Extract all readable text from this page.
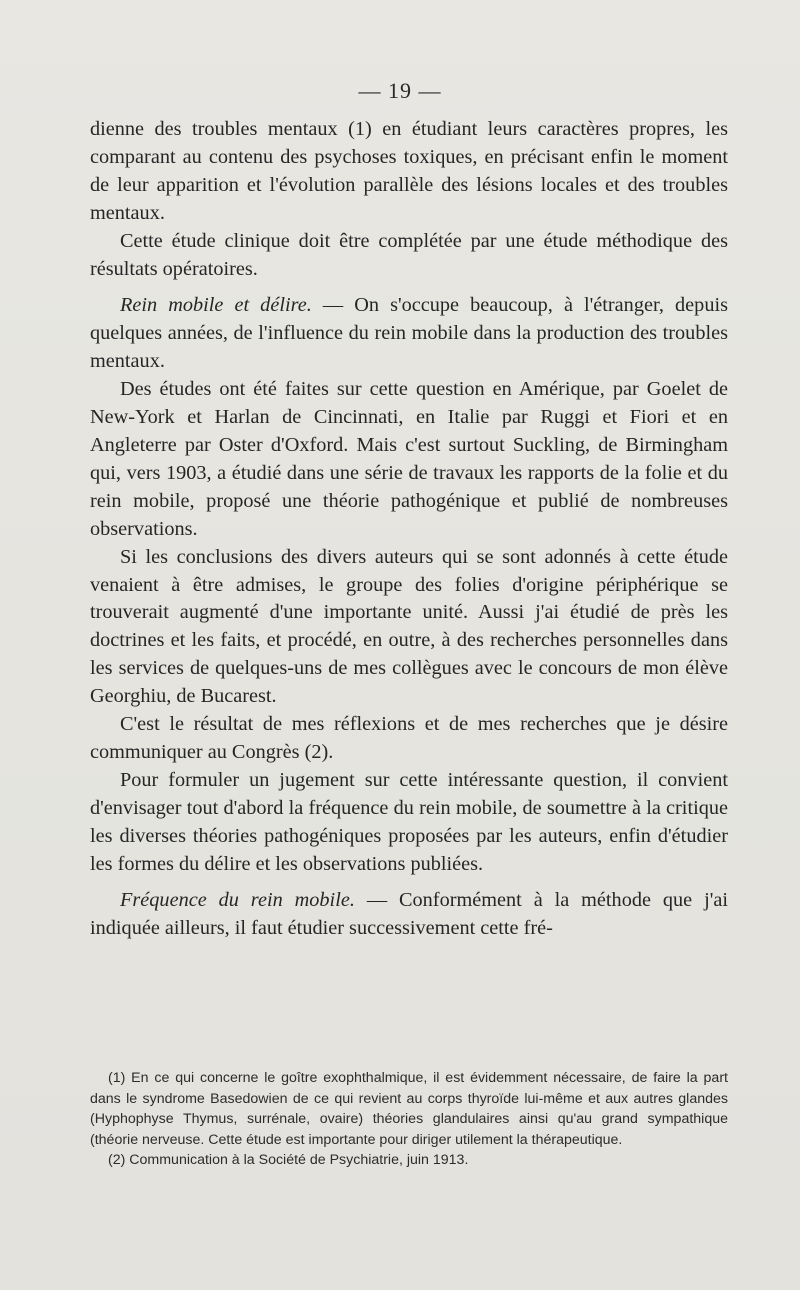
— 19 —

dienne des troubles mentaux (1) en étudiant leurs caractères propres, les comparant au contenu des psychoses toxiques, en précisant enfin le moment de leur apparition et l'évolution parallèle des lésions locales et des troubles mentaux.

Cette étude clinique doit être complétée par une étude méthodique des résultats opératoires.

Rein mobile et délire. — On s'occupe beaucoup, à l'étranger, depuis quelques années, de l'influence du rein mobile dans la production des troubles mentaux.

Des études ont été faites sur cette question en Amérique, par Goelet de New-York et Harlan de Cincinnati, en Italie par Ruggi et Fiori et en Angleterre par Oster d'Oxford. Mais c'est surtout Suckling, de Birmingham qui, vers 1903, a étudié dans une série de travaux les rapports de la folie et du rein mobile, proposé une théorie pathogénique et publié de nombreuses observations.

Si les conclusions des divers auteurs qui se sont adonnés à cette étude venaient à être admises, le groupe des folies d'origine périphérique se trouverait augmenté d'une importante unité. Aussi j'ai étudié de près les doctrines et les faits, et procédé, en outre, à des recherches personnelles dans les services de quelques-uns de mes collègues avec le concours de mon élève Georghiu, de Bucarest.

C'est le résultat de mes réflexions et de mes recherches que je désire communiquer au Congrès (2).

Pour formuler un jugement sur cette intéressante question, il convient d'envisager tout d'abord la fréquence du rein mobile, de soumettre à la critique les diverses théories pathogéniques proposées par les auteurs, enfin d'étudier les formes du délire et les observations publiées.

Fréquence du rein mobile. — Conformément à la méthode que j'ai indiquée ailleurs, il faut étudier successivement cette fré-

(1) En ce qui concerne le goître exophthalmique, il est évidemment nécessaire, de faire la part dans le syndrome Basedowien de ce qui revient au corps thyroïde lui-même et aux autres glandes (Hyphophyse Thymus, surrénale, ovaire) théories glandulaires ainsi qu'au grand sympathique (théorie nerveuse. Cette étude est importante pour diriger utilement la thérapeutique.

(2) Communication à la Société de Psychiatrie, juin 1913.
